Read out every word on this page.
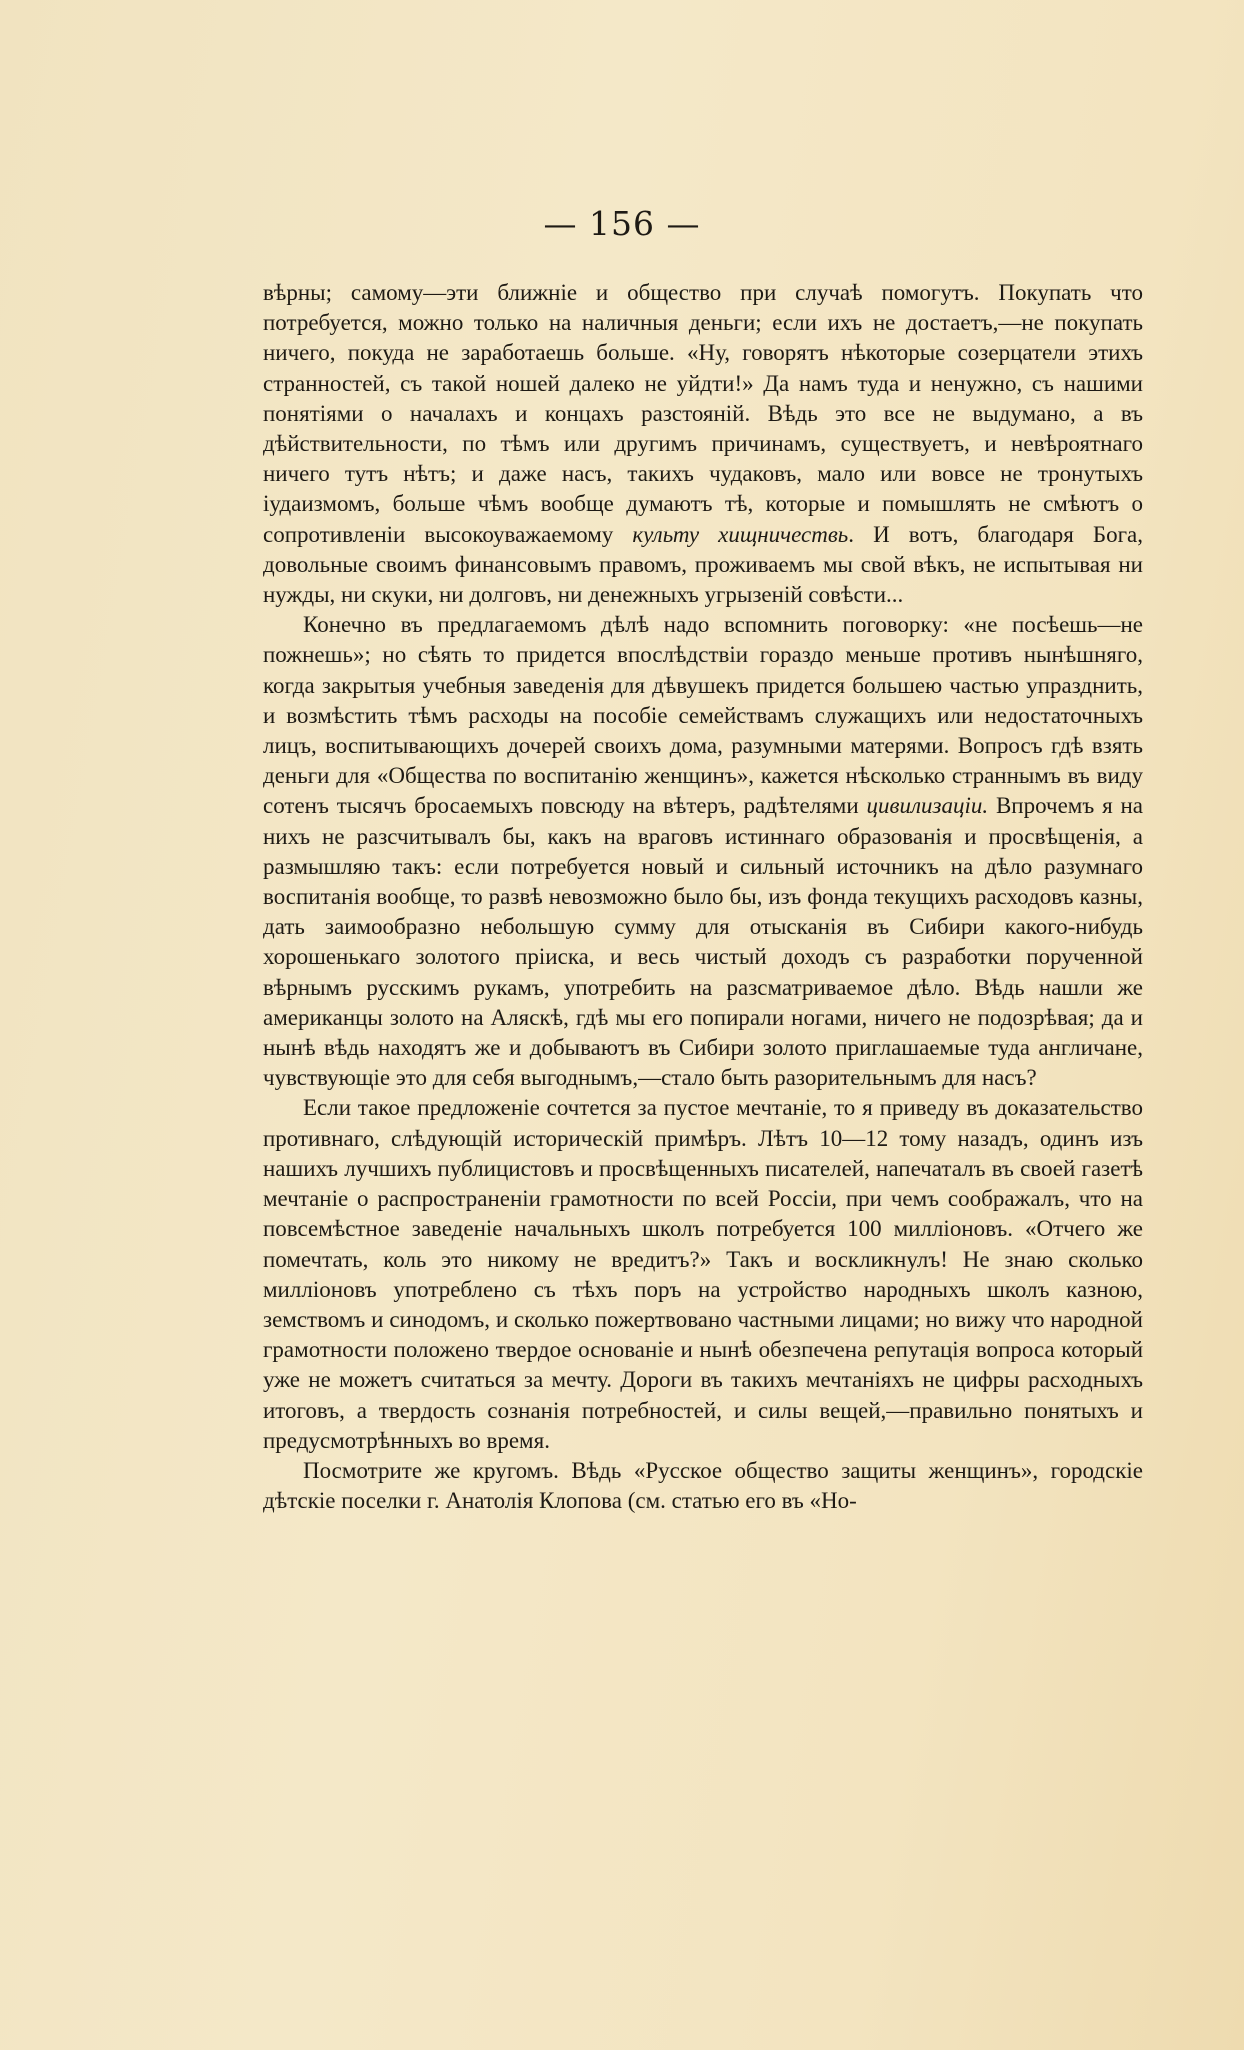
— 156 —

вѣрны; самому—эти ближніе и общество при случаѣ помогутъ. Покупать что потребуется, можно только на наличныя деньги; если ихъ не достаетъ,—не покупать ничего, покуда не заработаешь больше. «Ну, говорятъ нѣкоторые созерцатели этихъ странностей, съ такой ношей далеко не уйдти!» Да намъ туда и ненужно, съ нашими понятіями о началахъ и концахъ разстояній. Вѣдь это все не выдумано, а въ дѣйствительности, по тѣмъ или другимъ причинамъ, существуетъ, и невѣроятнаго ничего тутъ нѣтъ; и даже насъ, такихъ чудаковъ, мало или вовсе не тронутыхъ іудаизмомъ, больше чѣмъ вообще думаютъ тѣ, которые и помышлять не смѣютъ о сопротивленіи высокоуважаемому культу хищничествь. И вотъ, благодаря Бога, довольные своимъ финансовымъ правомъ, проживаемъ мы свой вѣкъ, не испытывая ни нужды, ни скуки, ни долговъ, ни денежныхъ угрызеній совѣсти...

Конечно въ предлагаемомъ дѣлѣ надо вспомнить поговорку: «не посѣешь—не пожнешь»; но сѣять то придется впослѣдствіи гораздо меньше противъ нынѣшняго, когда закрытыя учебныя заведенія для дѣвушекъ придется большею частью упразднить, и возмѣстить тѣмъ расходы на пособіе семействамъ служащихъ или недостаточныхъ лицъ, воспитывающихъ дочерей своихъ дома, разумными матерями. Вопросъ гдѣ взять деньги для «Общества по воспитанію женщинъ», кажется нѣсколько страннымъ въ виду сотенъ тысячъ бросаемыхъ повсюду на вѣтеръ, радѣтелями цивилизаціи. Впрочемъ я на нихъ не разсчитывалъ бы, какъ на враговъ истиннаго образованія и просвѣщенія, а размышляю такъ: если потребуется новый и сильный источникъ на дѣло разумнаго воспитанія вообще, то развѣ невозможно было бы, изъ фонда текущихъ расходовъ казны, дать заимообразно небольшую сумму для отысканія въ Сибири какого-нибудь хорошенькаго золотого пріиска, и весь чистый доходъ съ разработки порученной вѣрнымъ русскимъ рукамъ, употребить на разсматриваемое дѣло. Вѣдь нашли же американцы золото на Аляскѣ, гдѣ мы его попирали ногами, ничего не подозрѣвая; да и нынѣ вѣдь находятъ же и добываютъ въ Сибири золото приглашаемые туда англичане, чувствующіе это для себя выгоднымъ,—стало быть разорительнымъ для насъ?

Если такое предложеніе сочтется за пустое мечтаніе, то я приведу въ доказательство противнаго, слѣдующій историческій примѣръ. Лѣтъ 10—12 тому назадъ, одинъ изъ нашихъ лучшихъ публицистовъ и просвѣщенныхъ писателей, напечаталъ въ своей газетѣ мечтаніе о распространеніи грамотности по всей Россіи, при чемъ соображалъ, что на повсемѣстное заведеніе начальныхъ школъ потребуется 100 милліоновъ. «Отчего же помечтать, коль это никому не вредитъ?» Такъ и воскликнулъ! Не знаю сколько милліоновъ употреблено съ тѣхъ поръ на устройство народныхъ школъ казною, земствомъ и синодомъ, и сколько пожертвовано частными лицами; но вижу что народной грамотности положено твердое основаніе и нынѣ обезпечена репутація вопроса который уже не можетъ считаться за мечту. Дороги въ такихъ мечтаніяхъ не цифры расходныхъ итоговъ, а твердость сознанія потребностей, и силы вещей,—правильно понятыхъ и предусмотрѣнныхъ во время.

Посмотрите же кругомъ. Вѣдь «Русское общество защиты женщинъ», городскіе дѣтскіе поселки г. Анатолія Клопова (см. статью его въ «Но-
